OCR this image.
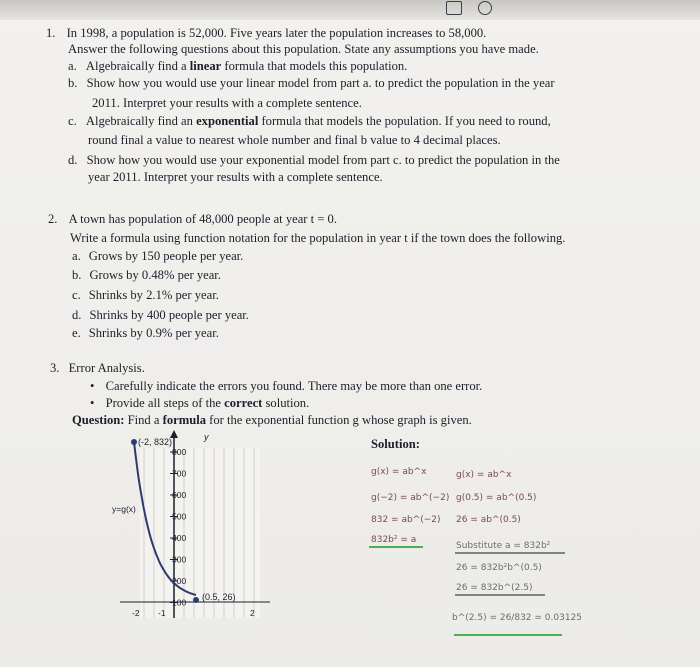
1. In 1998, a population is 52,000. Five years later the population increases to 58,000.
Answer the following questions about this population. State any assumptions you have made.
a. Algebraically find a linear formula that models this population.
b. Show how you would use your linear model from part a. to predict the population in the year
2011. Interpret your results with a complete sentence.
c. Algebraically find an exponential formula that models the population. If you need to round,
round final a value to nearest whole number and final b value to 4 decimal places.
d. Show how you would use your exponential model from part c. to predict the population in the
year 2011. Interpret your results with a complete sentence.
2. A town has population of 48,000 people at year t = 0.
Write a formula using function notation for the population in year t if the town does the following.
a. Grows by 150 people per year.
b. Grows by 0.48% per year.
c. Shrinks by 2.1% per year.
d. Shrinks by 400 people per year.
e. Shrinks by 0.9% per year.
3. Error Analysis.
• Carefully indicate the errors you found. There may be more than one error.
• Provide all steps of the correct solution.
Question: Find a formula for the exponential function g whose graph is given.
Solution:
800
700
600
500
400
300
200
100
-2 -1	2
(-2, 832)
(0.5, 26)
y
y=g(x)
g(x) = ab^x
g(−2) = ab^(−2)
832 = ab^(−2)
832b² = a
g(x) = ab^x
g(0.5) = ab^(0.5)
26 = ab^(0.5)
Substitute a = 832b²
26 = 832b²b^(0.5)
26 = 832b^(2.5)
b^(2.5) = 26/832 = 0.03125
